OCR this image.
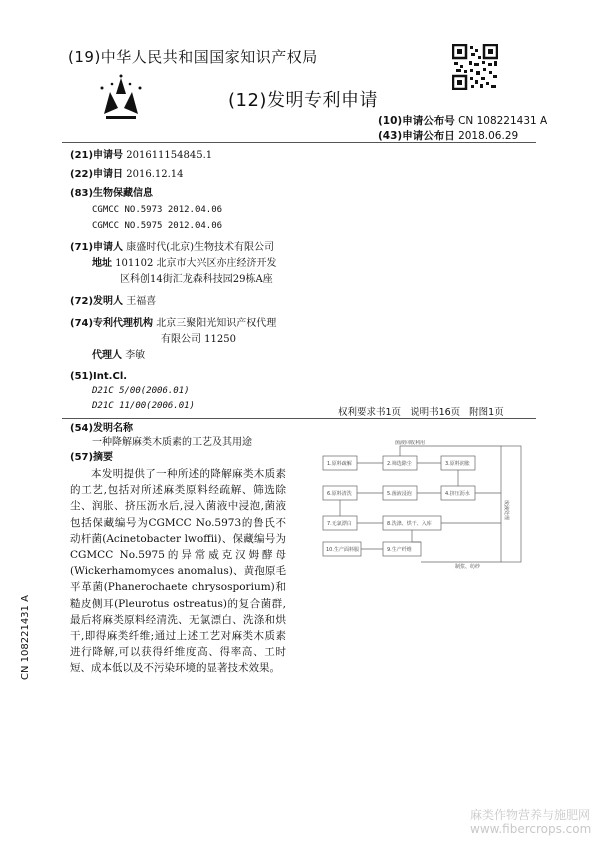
(19)中华人民共和国国家知识产权局
(12)发明专利申请
(10)申请公布号 CN 108221431 A
(43)申请公布日 2018.06.29
(21)申请号 201611154845.1
(22)申请日 2016.12.14
(83)生物保藏信息
CGMCC NO.5973 2012.04.06
CGMCC NO.5975 2012.04.06
(71)申请人 康盛时代(北京)生物技术有限公司
地址 101102 北京市大兴区亦庄经济开发
区科创14街汇龙森科技园29栋A座
(72)发明人 王福喜
(74)专利代理机构 北京三聚阳光知识产权代理
有限公司 11250
代理人 李敏
(51)Int.Cl.
D21C 5/00(2006.01)
D21C 11/00(2006.01)
权利要求书1页 说明书16页 附图1页
(54)发明名称
一种降解麻类木质素的工艺及其用途
(57)摘要
本发明提供了一种所述的降解麻类木质素的工艺,包括对所述麻类原料经疏解、筛选除尘、润胀、挤压沥水后,浸入菌液中浸泡,菌液包括保藏编号为CGMCC No.5973的鲁氏不动杆菌(Acinetobacter lwoffii)、保藏编号为CGMCC No.5975的异常威克汉姆酵母(Wickerhamomyces anomalus)、黄孢原毛平革菌(Phanerochaete chrysosporium)和糙皮侧耳(Pleurotus ostreatus)的复合菌群,最后将麻类原料经清洗、无氯漂白、洗涤和烘干,即得麻类纤维;通过上述工艺对麻类木质素进行降解,可以获得纤维度高、得率高、工时短、成本低以及不污染环境的显著技术效果。
菌液回收利用
废液处理
1.原料疏解	2.筛选除尘	3.原料润胀
4.挤压沥水
5.菌液浸泡
6.原料清洗
7.无氯漂白	8.洗涤、烘干、入库
9.生产纤维
10.生产面料服
制浆、纺纱
CN 108221431 A
麻类作物营养与施肥网
www.fibercrops.com
